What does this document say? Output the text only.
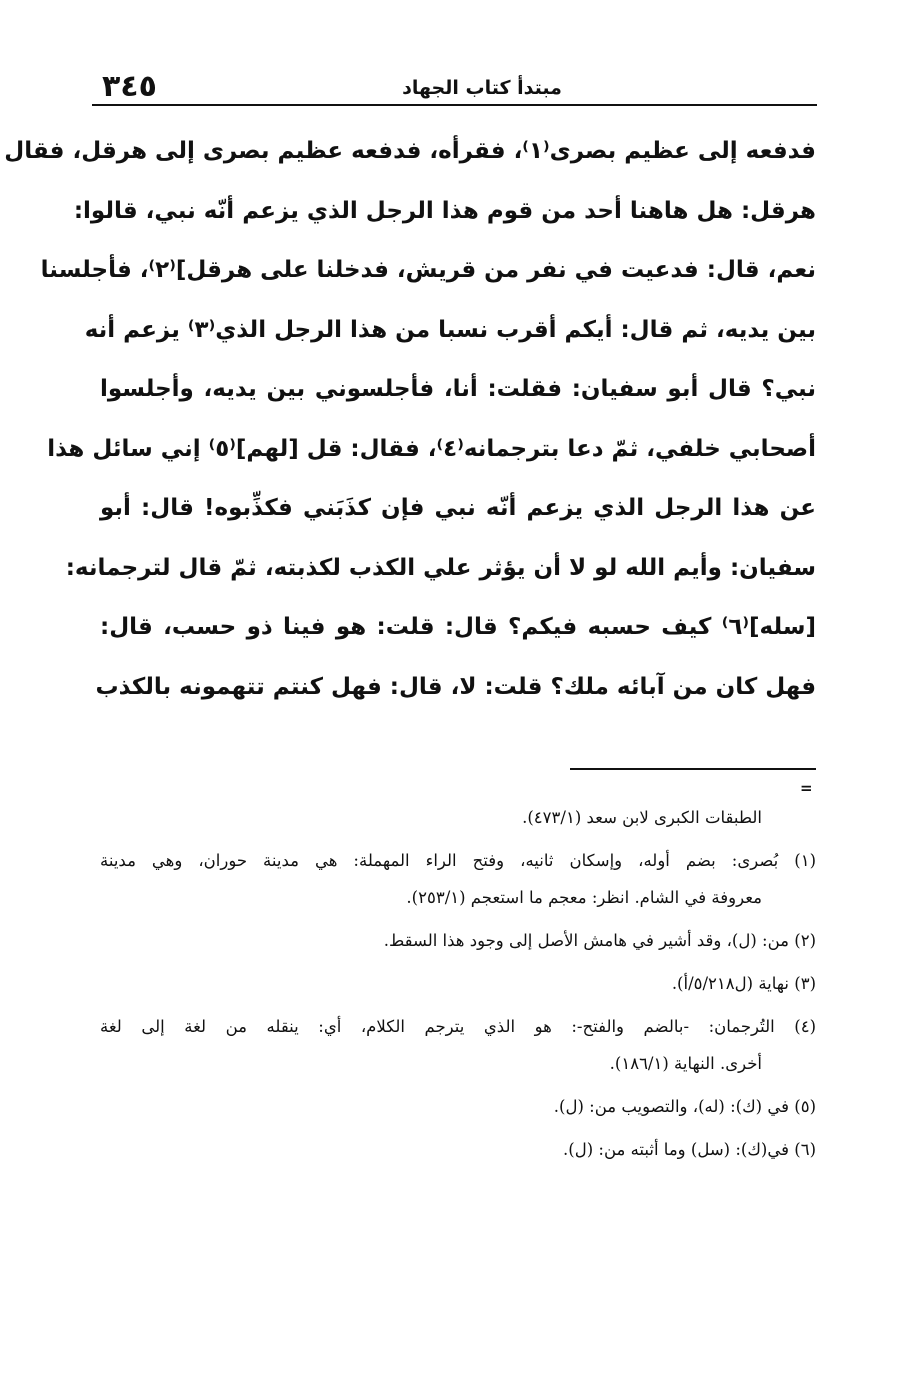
٣٤٥	مبتدأ كتاب الجهاد
فدفعه إلى عظيم بصرى⁽١⁾، فقرأه، فدفعه عظيم بصرى إلى هرقل، فقال
هرقل: هل هاهنا أحد من قوم هذا الرجل الذي يزعم أنّه نبي، قالوا:
نعم، قال: فدعيت في نفر من قريش، فدخلنا على هرقل]⁽٢⁾، فأجلسنا
بين يديه، ثم قال: أيكم أقرب نسبا من هذا الرجل الذي⁽٣⁾ يزعم أنه
نبي؟ قال أبو سفيان: فقلت: أنا، فأجلسوني بين يديه، وأجلسوا
أصحابي خلفي، ثمّ دعا بترجمانه⁽٤⁾، فقال: قل [لهم]⁽٥⁾ إني سائل هذا
عن هذا الرجل الذي يزعم أنّه نبي فإن كذَبَني فكذِّبوه! قال: أبو
سفيان: وأيم الله لو لا أن يؤثر علي الكذب لكذبته، ثمّ قال لترجمانه:
[سله]⁽٦⁾ كيف حسبه فيكم؟ قال: قلت: هو فينا ذو حسب، قال:
فهل كان من آبائه ملك؟ قلت: لا، قال: فهل كنتم تتهمونه بالكذب
=
الطبقات الكبرى لابن سعد (٤٧٣/١).
(١) بُصرى: بضم أوله، وإسكان ثانيه، وفتح الراء المهملة: هي مدينة حوران، وهي مدينة
معروفة في الشام. انظر: معجم ما استعجم (٢٥٣/١).
(٢) من: (ل)، وقد أشير في هامش الأصل إلى وجود هذا السقط.
(٣) نهاية (ل٥/٢١٨/أ).
(٤) التُرجمان: -بالضم والفتح-: هو الذي يترجم الكلام، أي: ينقله من لغة إلى لغة
أخرى. النهاية (١٨٦/١).
(٥) في (ك): (له)، والتصويب من: (ل).
(٦) في(ك): (سل) وما أثبته من: (ل).
